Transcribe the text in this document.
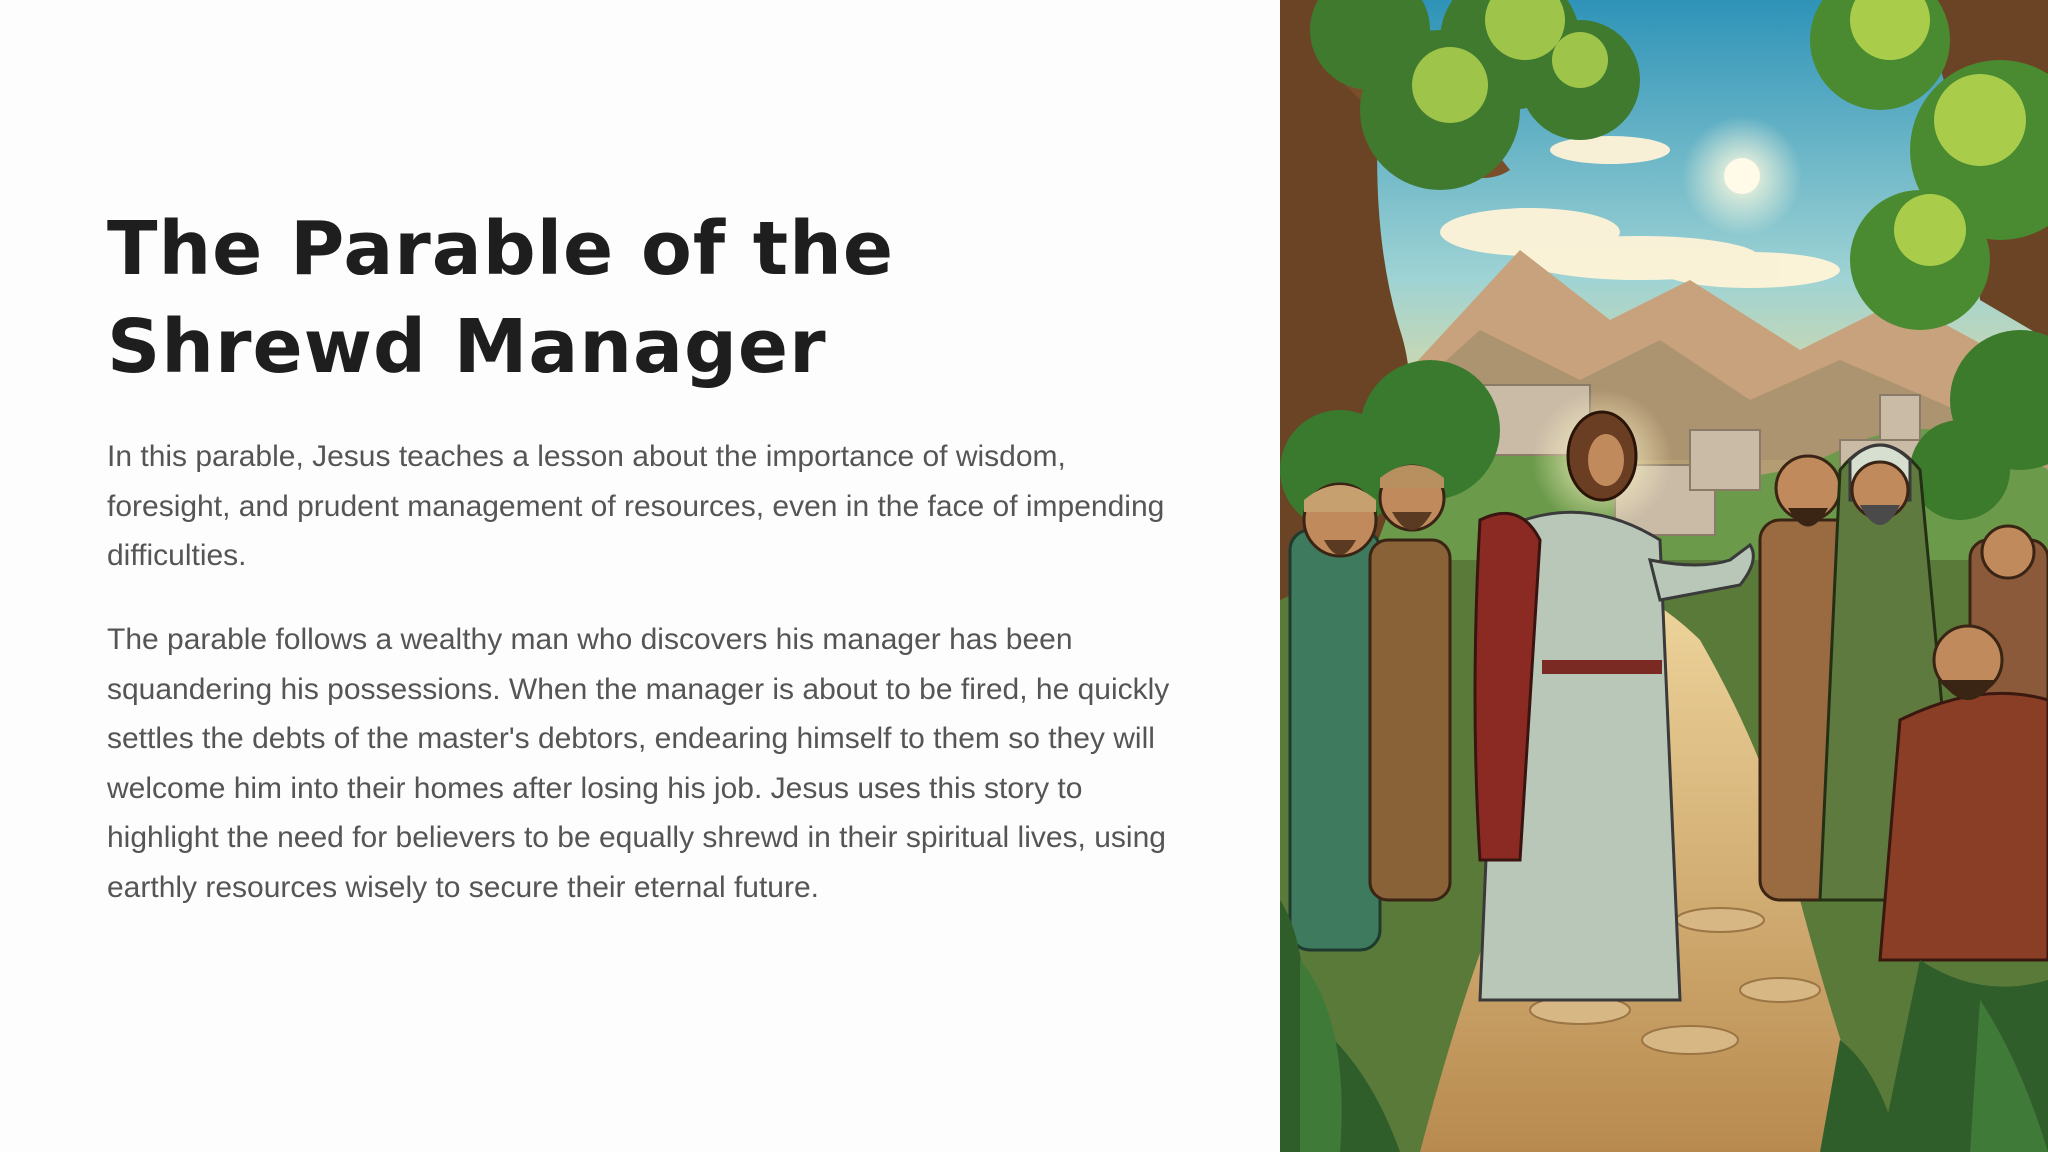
The Parable of the Shrewd Manager

In this parable, Jesus teaches a lesson about the importance of wisdom, foresight, and prudent management of resources, even in the face of impending difficulties.

The parable follows a wealthy man who discovers his manager has been squandering his possessions. When the manager is about to be fired, he quickly settles the debts of the master's debtors, endearing himself to them so they will welcome him into their homes after losing his job. Jesus uses this story to highlight the need for believers to be equally shrewd in their spiritual lives, using earthly resources wisely to secure their eternal future.
